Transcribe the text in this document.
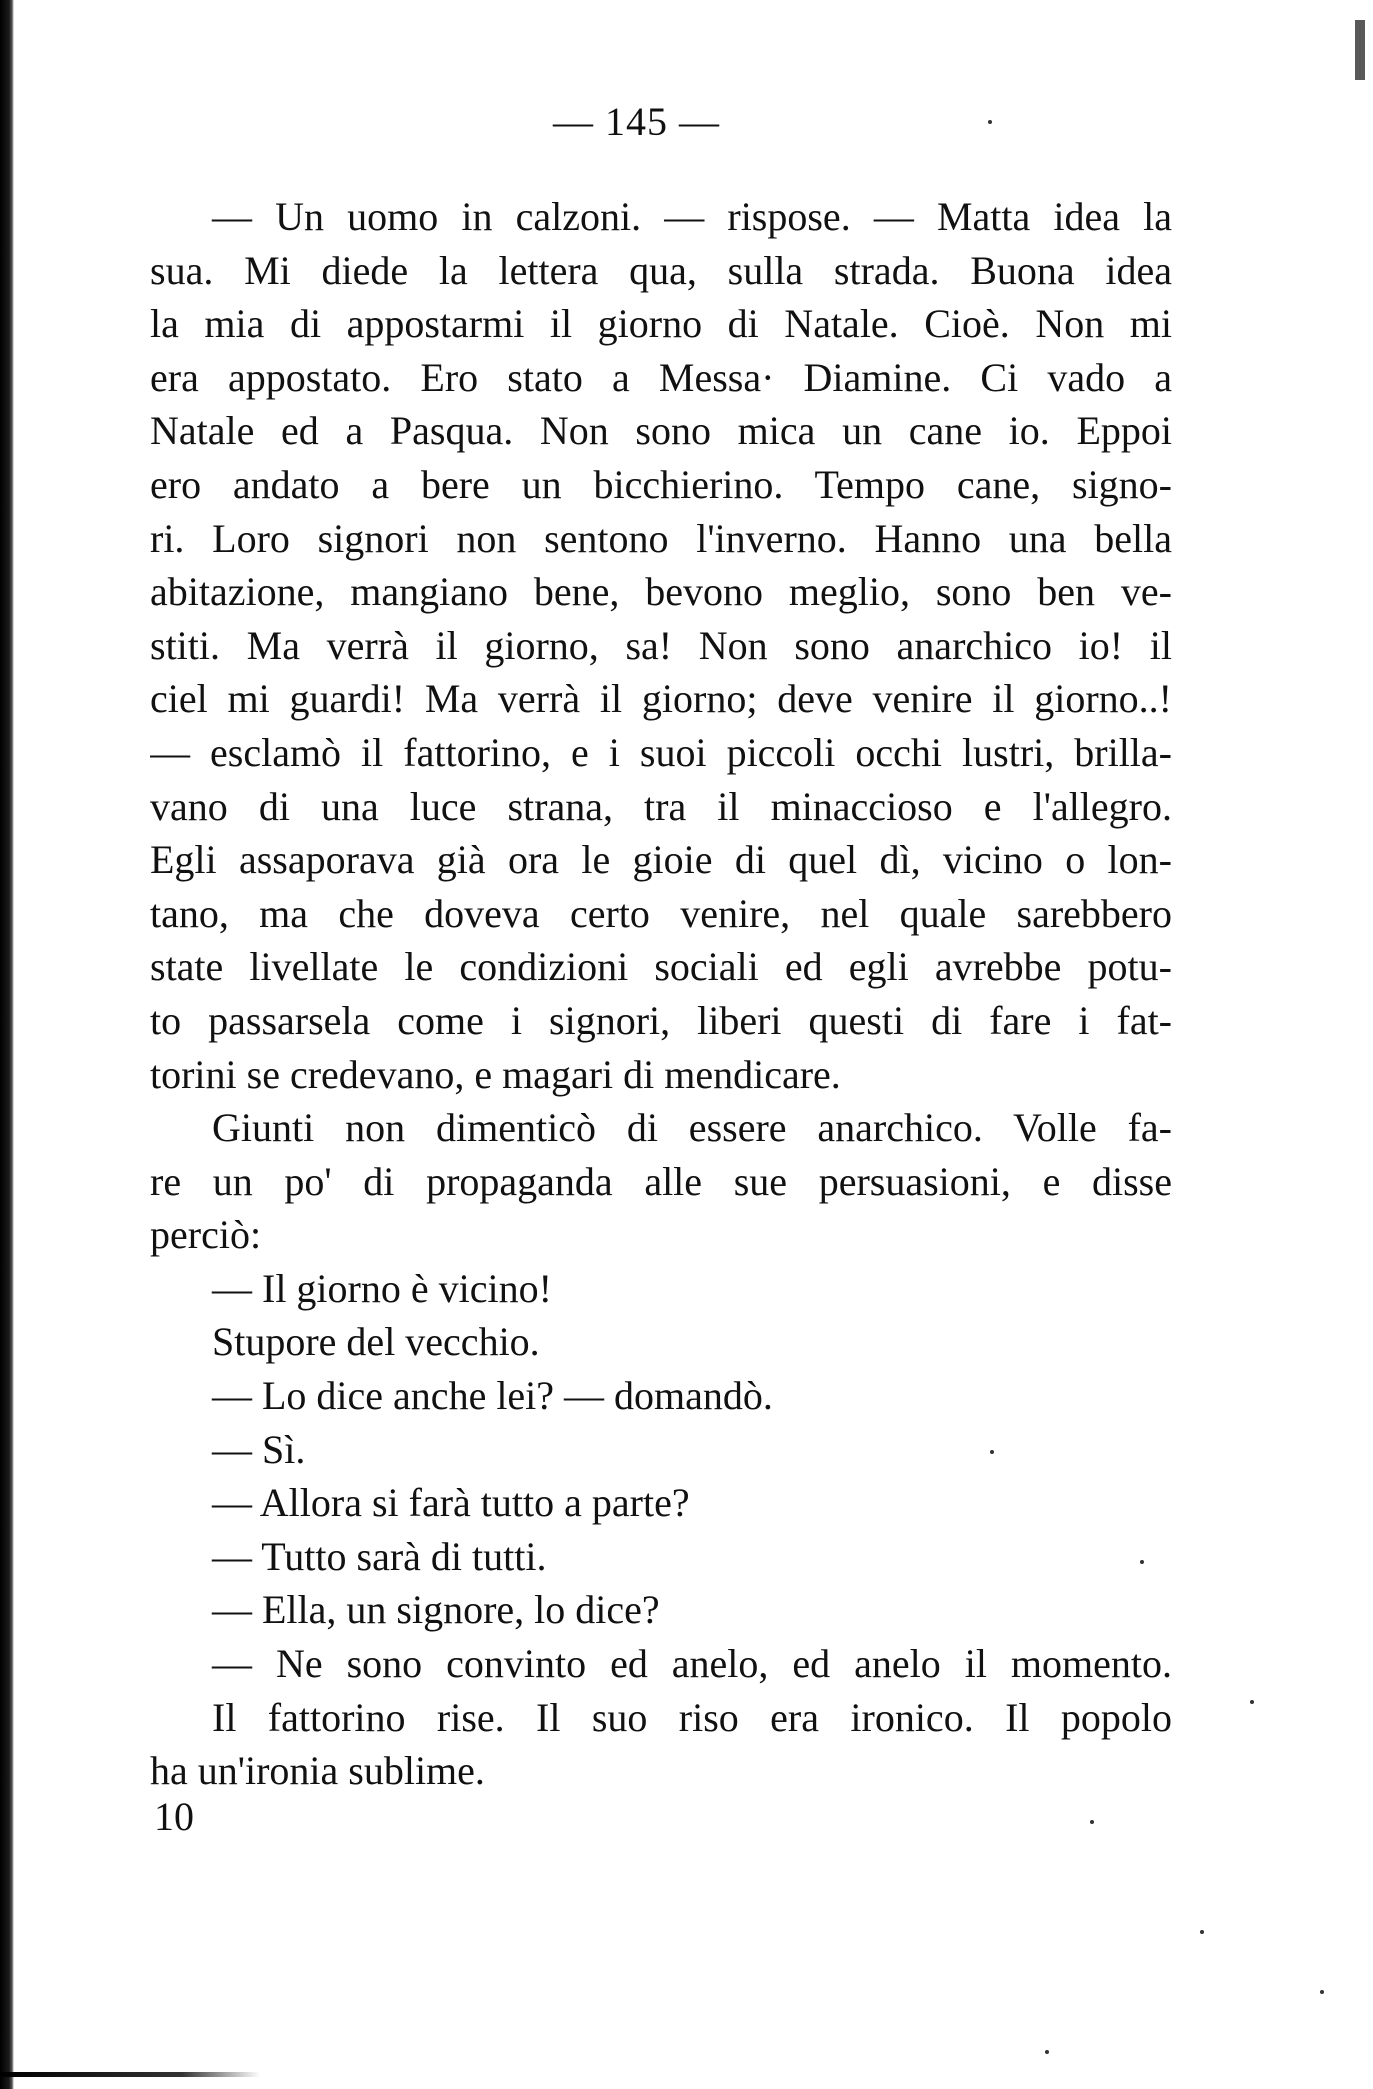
— 145 —
— Un uomo in calzoni. — rispose. — Matta idea la
sua. Mi diede la lettera qua, sulla strada. Buona idea
la mia di appostarmi il giorno di Natale. Cioè. Non mi
era appostato. Ero stato a Messa· Diamine. Ci vado a
Natale ed a Pasqua. Non sono mica un cane io. Eppoi
ero andato a bere un bicchierino. Tempo cane, signo-
ri. Loro signori non sentono l'inverno. Hanno una bella
abitazione, mangiano bene, bevono meglio, sono ben ve-
stiti. Ma verrà il giorno, sa! Non sono anarchico io! il
ciel mi guardi! Ma verrà il giorno; deve venire il giorno..!
— esclamò il fattorino, e i suoi piccoli occhi lustri, brilla-
vano di una luce strana, tra il minaccioso e l'allegro.
Egli assaporava già ora le gioie di quel dì, vicino o lon-
tano, ma che doveva certo venire, nel quale sarebbero
state livellate le condizioni sociali ed egli avrebbe potu-
to passarsela come i signori, liberi questi di fare i fat-
torini se credevano, e magari di mendicare.
Giunti non dimenticò di essere anarchico. Volle fa-
re un po' di propaganda alle sue persuasioni, e disse
perciò:
— Il giorno è vicino!
Stupore del vecchio.
— Lo dice anche lei? — domandò.
— Sì.
— Allora si farà tutto a parte?
— Tutto sarà di tutti.
— Ella, un signore, lo dice?
— Ne sono convinto ed anelo, ed anelo il momento.
Il fattorino rise. Il suo riso era ironico. Il popolo
ha un'ironia sublime.
10
